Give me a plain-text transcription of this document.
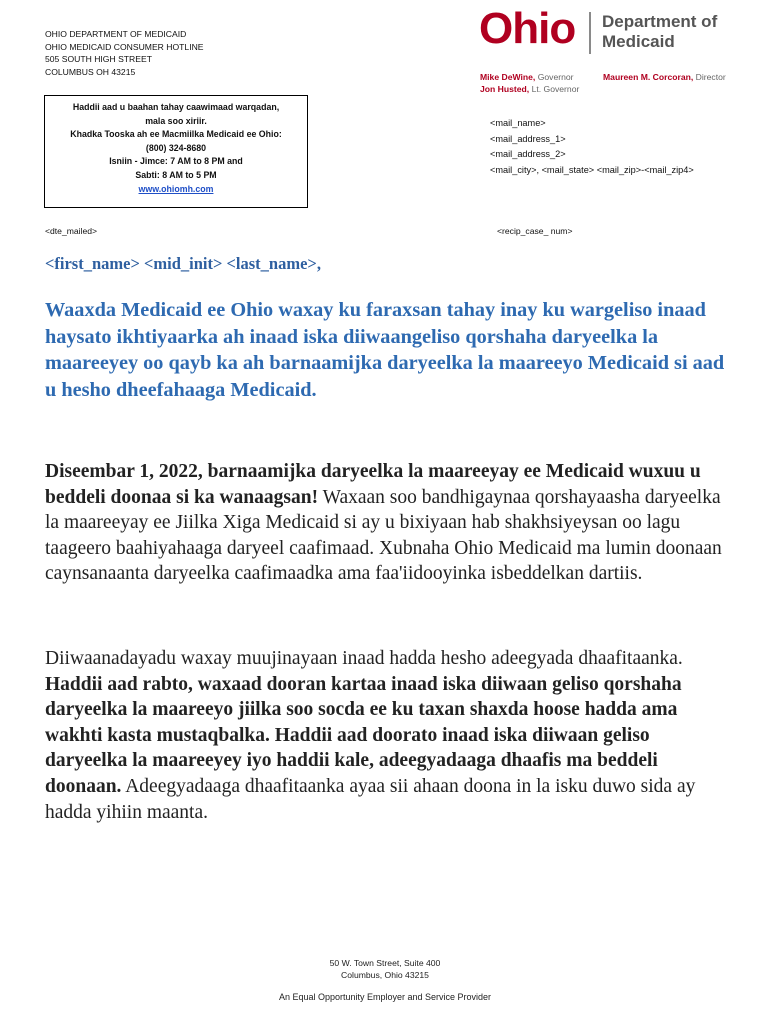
OHIO DEPARTMENT OF MEDICAID
OHIO MEDICAID CONSUMER HOTLINE
505 SOUTH HIGH STREET
COLUMBUS OH 43215
Ohio Department of
Medicaid
Mike DeWine, Governor
Jon Husted, Lt. Governor
Maureen M. Corcoran, Director
Haddii aad u baahan tahay caawimaad warqadan,
mala soo xiriir.
Khadka Tooska ah ee Macmiilka Medicaid ee Ohio:
(800) 324-8680
Isniin - Jimce: 7 AM to 8 PM and
Sabti: 8 AM to 5 PM
www.ohiomh.com
<mail_name>
<mail_address_1>
<mail_address_2>
<mail_city>, <mail_state> <mail_zip>-<mail_zip4>
<dte_mailed>	<recip_case_ num>
<first_name> <mid_init> <last_name>,
Waaxda Medicaid ee Ohio waxay ku faraxsan tahay inay ku wargeliso inaad haysato ikhtiyaarka ah inaad iska diiwaangeliso qorshaha daryeelka la maareeyey oo qayb ka ah barnaamijka daryeelka la maareeyo Medicaid si aad u hesho dheefahaaga Medicaid.
Diseembar 1, 2022, barnaamijka daryeelka la maareeyay ee Medicaid wuxuu u beddeli doonaa si ka wanaagsan! Waxaan soo bandhigaynaa qorshayaasha daryeelka la maareeyay ee Jiilka Xiga Medicaid si ay u bixiyaan hab shakhsiyeysan oo lagu taageero baahiyahaaga daryeel caafimaad. Xubnaha Ohio Medicaid ma lumin doonaan caynsanaanta daryeelka caafimaadka ama faa'iidooyinka isbeddelkan dartiis.
Diiwaanadayadu waxay muujinayaan inaad hadda hesho adeegyada dhaafitaanka. Haddii aad rabto, waxaad dooran kartaa inaad iska diiwaan geliso qorshaha daryeelka la maareeyo jiilka soo socda ee ku taxan shaxda hoose hadda ama wakhti kasta mustaqbalka. Haddii aad doorato inaad iska diiwaan geliso daryeelka la maareeyey iyo haddii kale, adeegyadaaga dhaafis ma beddeli doonaan. Adeegyadaaga dhaafitaanka ayaa sii ahaan doona in la isku duwo sida ay hadda yihiin maanta.
50 W. Town Street, Suite 400
Columbus, Ohio 43215
An Equal Opportunity Employer and Service Provider
